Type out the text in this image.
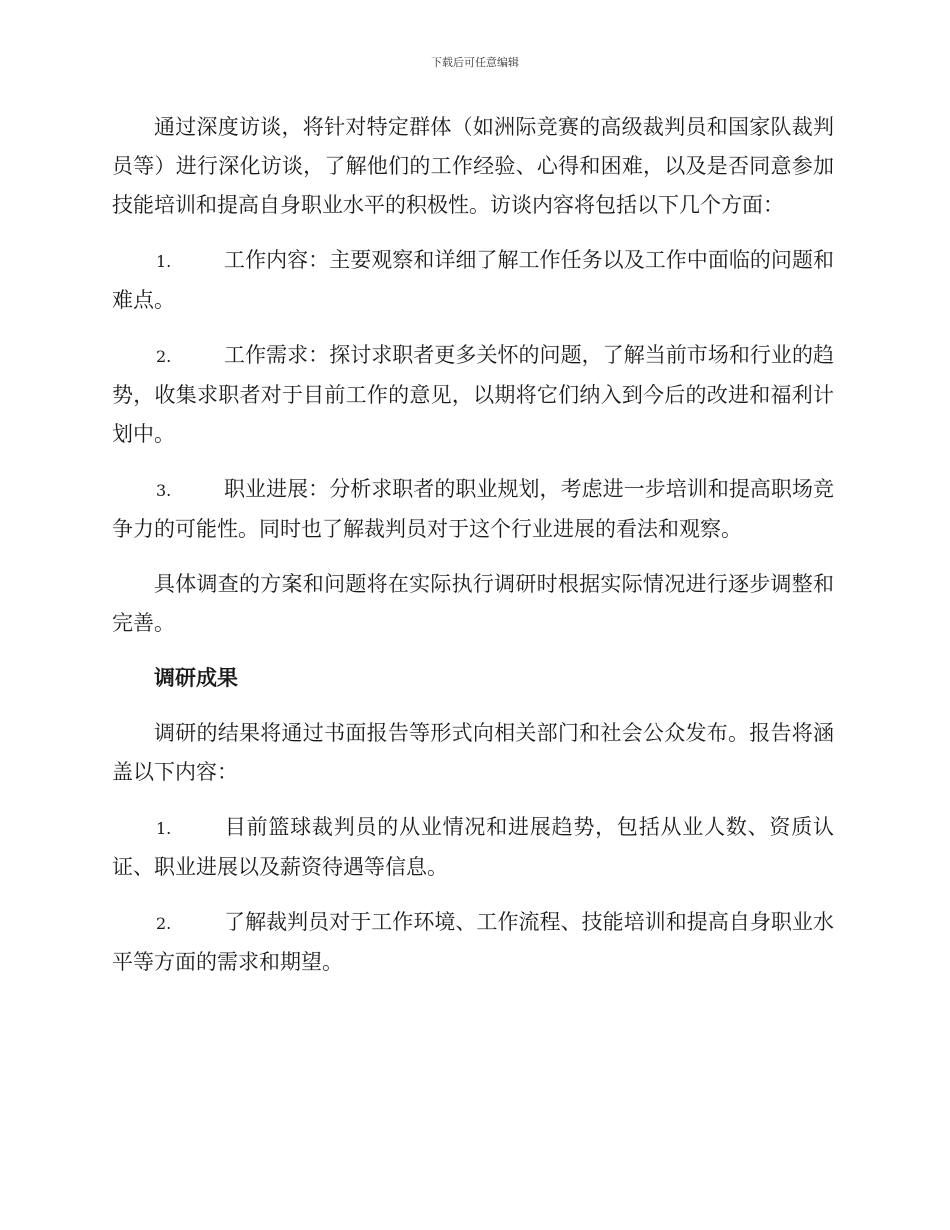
下载后可任意编辑

通过深度访谈，将针对特定群体（如洲际竞赛的高级裁判员和国家队裁判员等）进行深化访谈，了解他们的工作经验、心得和困难，以及是否同意参加技能培训和提高自身职业水平的积极性。访谈内容将包括以下几个方面：

1.	工作内容：主要观察和详细了解工作任务以及工作中面临的问题和难点。

2.	工作需求：探讨求职者更多关怀的问题，了解当前市场和行业的趋势，收集求职者对于目前工作的意见，以期将它们纳入到今后的改进和福利计划中。

3.	职业进展：分析求职者的职业规划，考虑进一步培训和提高职场竞争力的可能性。同时也了解裁判员对于这个行业进展的看法和观察。

具体调查的方案和问题将在实际执行调研时根据实际情况进行逐步调整和完善。

调研成果

调研的结果将通过书面报告等形式向相关部门和社会公众发布。报告将涵盖以下内容：

1.	目前篮球裁判员的从业情况和进展趋势，包括从业人数、资质认证、职业进展以及薪资待遇等信息。

2.	了解裁判员对于工作环境、工作流程、技能培训和提高自身职业水平等方面的需求和期望。
